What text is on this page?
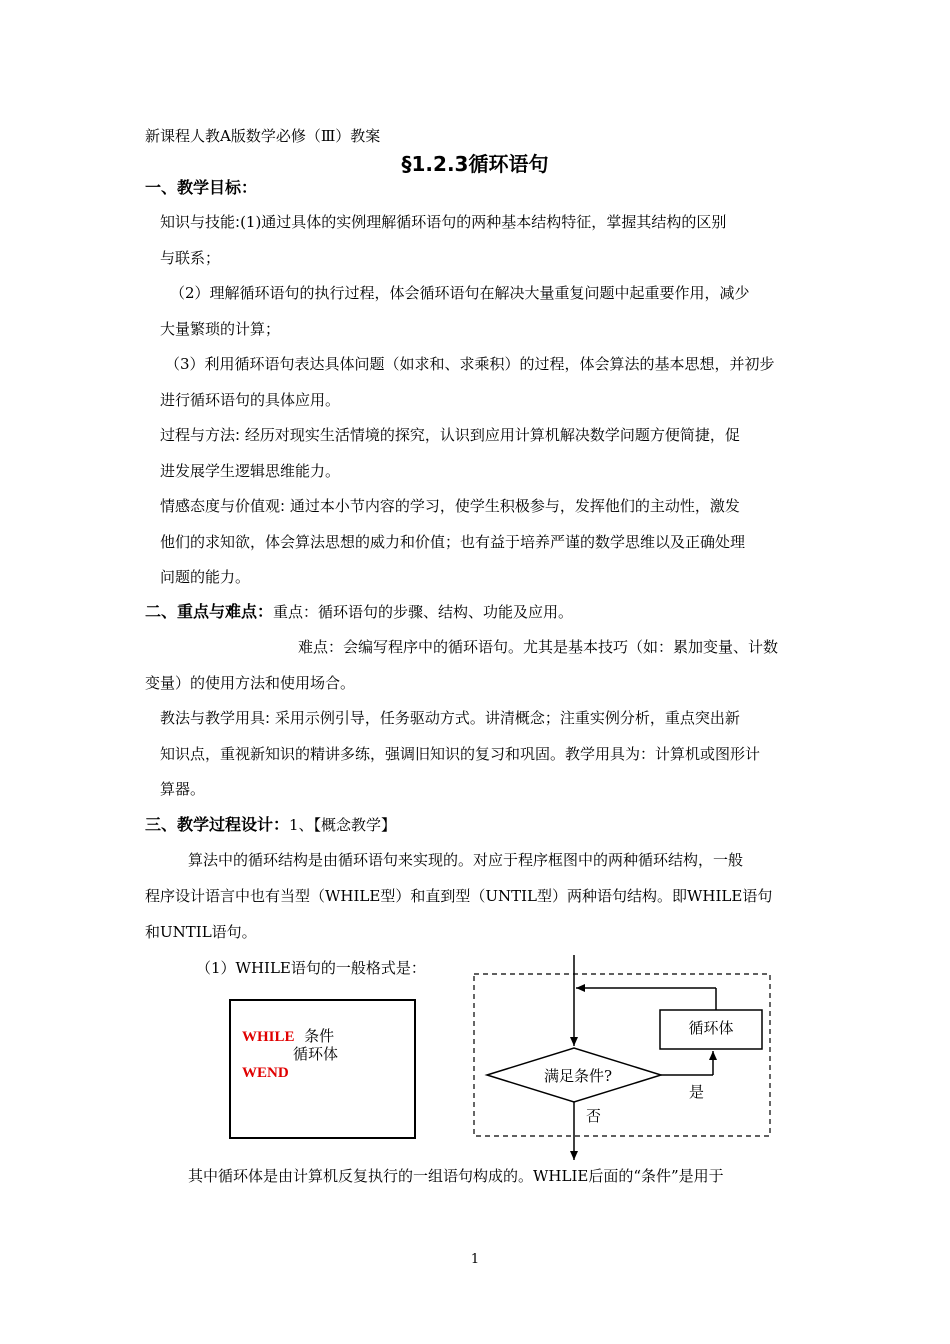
新课程人教A版数学必修（Ⅲ）教案
§1.2.3循环语句
一、教学目标：
知识与技能:(1)通过具体的实例理解循环语句的两种基本结构特征，掌握其结构的区别
与联系；
（2）理解循环语句的执行过程，体会循环语句在解决大量重复问题中起重要作用，减少
大量繁琐的计算；
（3）利用循环语句表达具体问题（如求和、求乘积）的过程，体会算法的基本思想，并初步
进行循环语句的具体应用。
过程与方法: 经历对现实生活情境的探究，认识到应用计算机解决数学问题方便简捷，促
进发展学生逻辑思维能力。
情感态度与价值观: 通过本小节内容的学习，使学生积极参与，发挥他们的主动性，激发
他们的求知欲，体会算法思想的威力和价值；也有益于培养严谨的数学思维以及正确处理
问题的能力。
二、重点与难点：重点：循环语句的步骤、结构、功能及应用。
难点：会编写程序中的循环语句。尤其是基本技巧（如：累加变量、计数
变量）的使用方法和使用场合。
教法与教学用具: 采用示例引导，任务驱动方式。讲清概念；注重实例分析，重点突出新
知识点，重视新知识的精讲多练，强调旧知识的复习和巩固。教学用具为：计算机或图形计
算器。
三、教学过程设计：1、【概念教学】
算法中的循环结构是由循环语句来实现的。对应于程序框图中的两种循环结构，一般
程序设计语言中也有当型（WHILE型）和直到型（UNTIL型）两种语句结构。即WHILE语句
和UNTIL语句。
（1）WHILE语句的一般格式是：
WHILE 条件
循环体
WEND
循环体
满足条件?
是
否
其中循环体是由计算机反复执行的一组语句构成的。WHLIE后面的“条件”是用于
1
